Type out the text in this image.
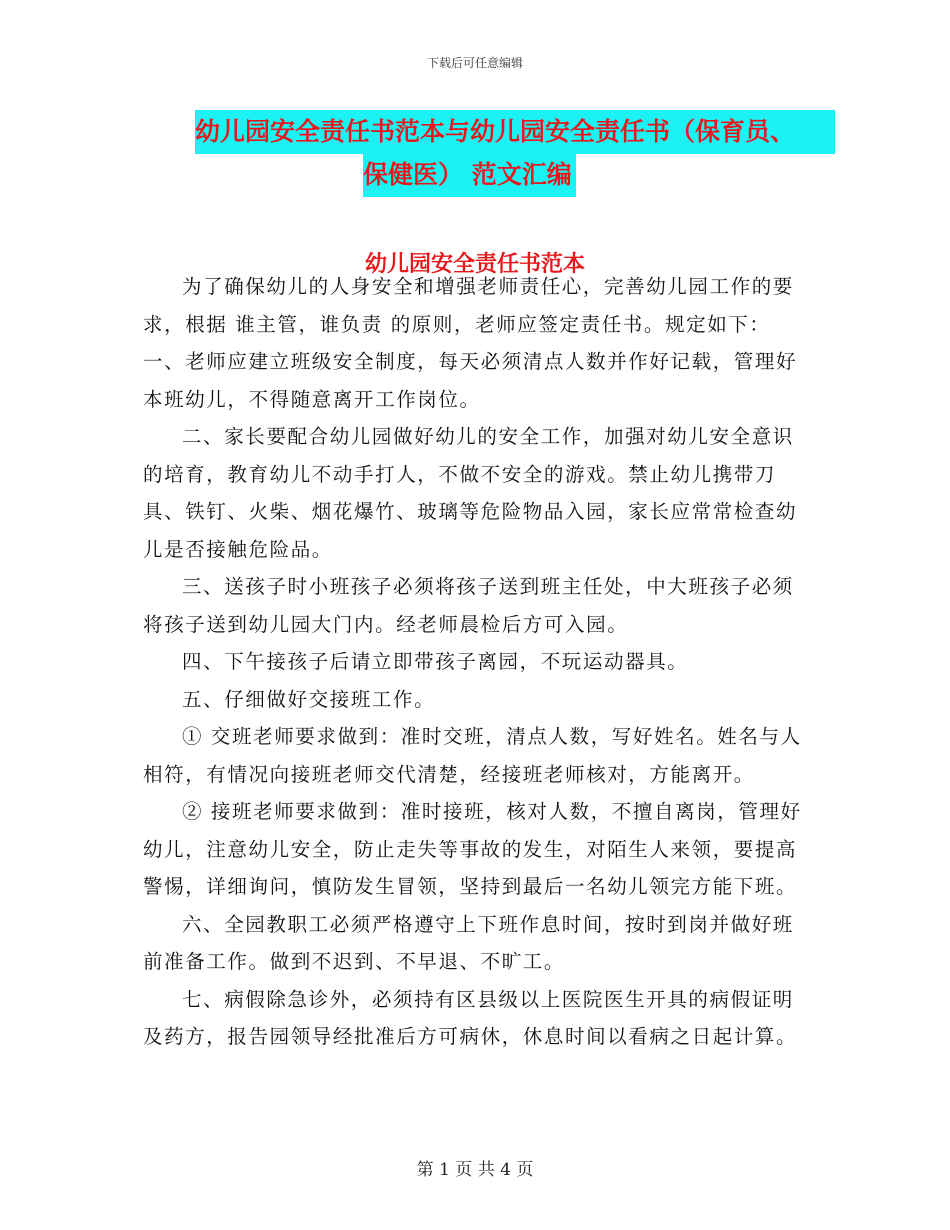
下载后可任意编辑
幼儿园安全责任书范本与幼儿园安全责任书（保育员、
保健医） 范文汇编
幼儿园安全责任书范本

为了确保幼儿的人身安全和增强老师责任心，完善幼儿园工作的要求，根据 谁主管，谁负责 的原则，老师应签定责任书。规定如下：

一、老师应建立班级安全制度，每天必须清点人数并作好记载，管理好本班幼儿，不得随意离开工作岗位。

二、家长要配合幼儿园做好幼儿的安全工作，加强对幼儿安全意识的培育，教育幼儿不动手打人，不做不安全的游戏。禁止幼儿携带刀具、铁钉、火柴、烟花爆竹、玻璃等危险物品入园，家长应常常检查幼儿是否接触危险品。

三、送孩子时小班孩子必须将孩子送到班主任处，中大班孩子必须将孩子送到幼儿园大门内。经老师晨检后方可入园。

四、下午接孩子后请立即带孩子离园，不玩运动器具。

五、仔细做好交接班工作。

① 交班老师要求做到：准时交班，清点人数，写好姓名。姓名与人相符，有情况向接班老师交代清楚，经接班老师核对，方能离开。

② 接班老师要求做到：准时接班，核对人数，不擅自离岗，管理好幼儿，注意幼儿安全，防止走失等事故的发生，对陌生人来领，要提高警惕，详细询问，慎防发生冒领，坚持到最后一名幼儿领完方能下班。

六、全园教职工必须严格遵守上下班作息时间，按时到岗并做好班前准备工作。做到不迟到、不早退、不旷工。

七、病假除急诊外，必须持有区县级以上医院医生开具的病假证明及药方，报告园领导经批准后方可病休，休息时间以看病之日起计算。

第 1 页 共 4 页
